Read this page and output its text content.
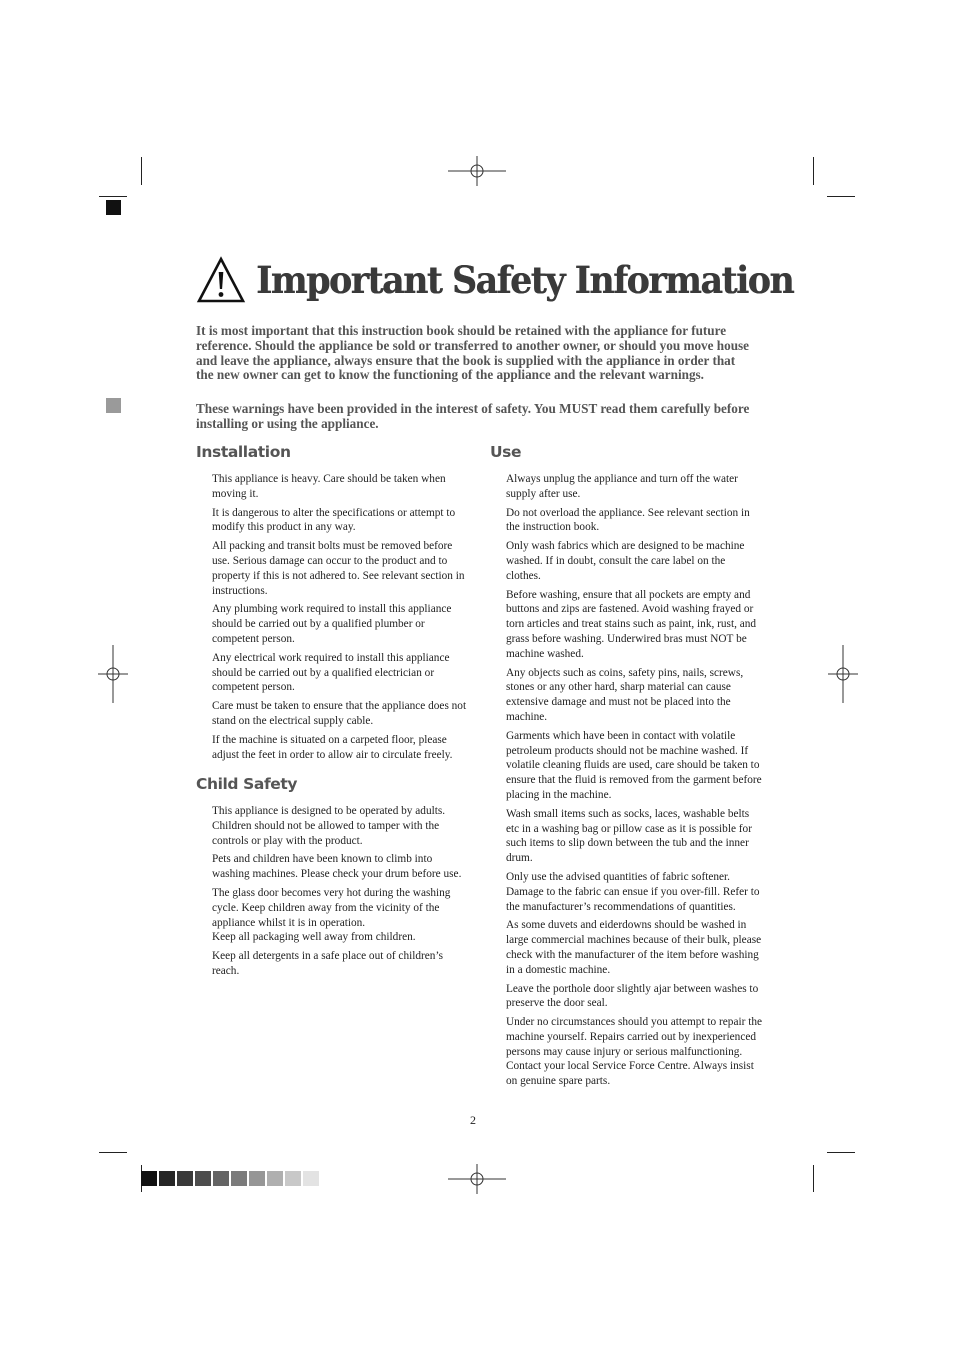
Important Safety Information
It is most important that this instruction book should be retained with the appliance for future reference. Should the appliance be sold or transferred to another owner, or should you move house and leave the appliance, always ensure that the book is supplied with the appliance in order that the new owner can get to know the functioning of the appliance and the relevant warnings.
These warnings have been provided in the interest of safety. You MUST read them carefully before installing or using the appliance.
Installation

This appliance is heavy. Care should be taken when moving it.

It is dangerous to alter the specifications or attempt to modify this product in any way.

All packing and transit bolts must be removed before use. Serious damage can occur to the product and to property if this is not adhered to. See relevant section in instructions.

Any plumbing work required to install this appliance should be carried out by a qualified plumber or competent person.

Any electrical work required to install this appliance should be carried out by a qualified electrician or competent person.

Care must be taken to ensure that the appliance does not stand on the electrical supply cable.

If the machine is situated on a carpeted floor, please adjust the feet in order to allow air to circulate freely.

Child Safety

This appliance is designed to be operated by adults. Children should not be allowed to tamper with the controls or play with the product.

Pets and children have been known to climb into washing machines. Please check your drum before use.

The glass door becomes very hot during the washing cycle. Keep children away from the vicinity of the appliance whilst it is in operation.

Keep all packaging well away from children.

Keep all detergents in a safe place out of children’s reach.

Use

Always unplug the appliance and turn off the water supply after use.

Do not overload the appliance. See relevant section in the instruction book.

Only wash fabrics which are designed to be machine washed. If in doubt, consult the care label on the clothes.

Before washing, ensure that all pockets are empty and buttons and zips are fastened. Avoid washing frayed or torn articles and treat stains such as paint, ink, rust, and grass before washing. Underwired bras must NOT be machine washed.

Any objects such as coins, safety pins, nails, screws, stones or any other hard, sharp material can cause extensive damage and must not be placed into the machine.

Garments which have been in contact with volatile petroleum products should not be machine washed. If volatile cleaning fluids are used, care should be taken to ensure that the fluid is removed from the garment before placing in the machine.

Wash small items such as socks, laces, washable belts etc in a washing bag or pillow case as it is possible for such items to slip down between the tub and the inner drum.

Only use the advised quantities of fabric softener. Damage to the fabric can ensue if you over-fill. Refer to the manufacturer’s recommendations of quantities.

As some duvets and eiderdowns should be washed in large commercial machines because of their bulk, please check with the manufacturer of the item before washing in a domestic machine.

Leave the porthole door slightly ajar between washes to preserve the door seal.

Under no circumstances should you attempt to repair the machine yourself. Repairs carried out by inexperienced persons may cause injury or serious malfunctioning. Contact your local Service Force Centre. Always insist on genuine spare parts.

2
